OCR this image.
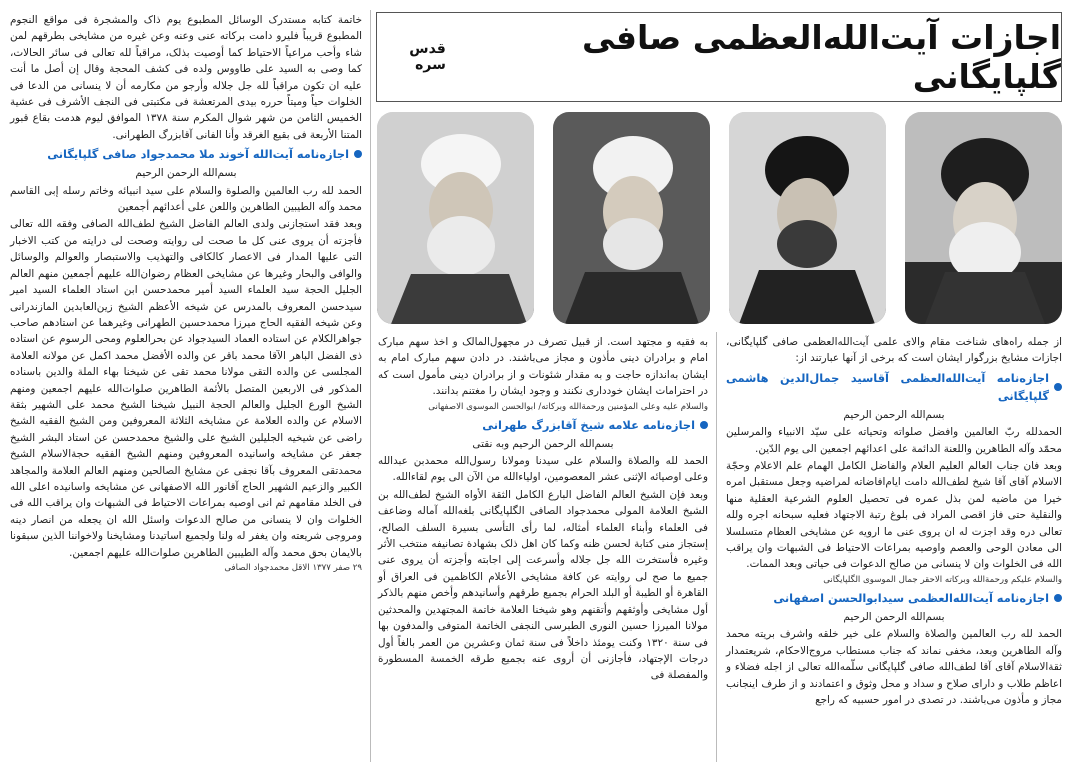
اجازات آیت‌الله‌العظمی صافی گلپایگانی
قدس سره

از جمله راه‌های شناخت مقام والای علمی آیت‌الله‌العظمی صافی گلپایگانی، اجازات مشایخ بزرگوار ایشان است که برخی از آنها عبارتند از:

اجازه‌نامه آیت‌الله‌العظمی آقاسید جمال‌الدین هاشمی گلپایگانی

بسم‌الله الرحمن الرحیم

الحمدلله ربّ العالمین وافضل صلواته وتحیاته علی سیّد الانبیاء والمرسلین محمّد وآله الطاهرین واللعنة الدائمة علی اعدائهم اجمعین الی یوم الدّین.

وبعد فان جناب العالم العلیم العلام والفاضل الکامل الهمام علم الاعلام وحجّة الاسلام آقای آقا شیخ لطف‌الله دامت ایام‌افاضاته لمراضیه وجعل مستقبل امره خیرا من ماضیه لمن بذل عمره فی تحصیل العلوم الشرعیة العقلیة منها والنقلیة حتی فاز اقصی المراد فی بلوغ رتبة الاجتهاد فعلیه سبحانه اجره ولله تعالی دره وقد اجزت له ان یروی عنی ما ارویه عن مشایخی العظام متسلسلا الی معادن الوحی والعصم واوصیه بمراعات الاحتیاط فی الشبهات وان یراقب الله فی الخلوات وان لا ینسانی من صالح الدعوات فی حیاتی وبعد الممات.

والسلام علیکم ورحمة‌الله وبرکاته الاحقر جمال الموسوی الگلپایگانی

اجازه‌نامه آیت‌الله‌العظمی سیدابوالحسن اصفهانی

بسم‌الله الرحمن الرحیم

الحمد لله رب العالمین والصلاة والسلام علی خیر خلقه واشرف بریته محمد وآله الطاهرین وبعد، مخفی نماند که جناب مستطاب مروج‌الاحکام، شریعتمدار ثقةالاسلام آقای آقا لطف‌الله صافی گلپایگانی سلّمه‌الله تعالی از اجله فضلاء و اعاظم طلاب و دارای صلاح و سداد و محل وثوق و اعتمادند و از طرف اینجانب مجاز و مأذون می‌باشند. در تصدی در امور حسبیه که راجع

به فقیه و مجتهد است. از قبیل تصرف در مجهول‌المالک و اخذ سهم مبارک امام و برادران دینی مأذون و مجاز می‌باشند. در دادن سهم مبارک امام به ایشان به‌اندازه حاجت و به مقدار شئونات و از برادران دینی مأمول است که در احترامات ایشان خودداری نکنند و وجود ایشان را مغتنم بدانند.

والسلام علیه وعلی المؤمنین ورحمة‌الله وبرکاته/ ابوالحسن الموسوی الاصفهانی

اجازه‌نامه علامه شیخ آقابزرگ طهرانی

بسم‌الله الرحمن الرحیم وبه نقتی

الحمد لله والصلاة والسلام علی سیدنا ومولانا رسول‌الله محمدبن عبدالله وعلی اوصیائه الإثنی عشر المعصومین، اولیاء‌الله من الآن الی یوم لقاء‌الله.

وبعد فإن الشیخ العالم الفاضل البارع الکامل الثقة الأواه الشیخ لطف‌الله بن الشیخ العلامة المولی محمدجواد الصافی الگلپایگانی بلغه‌الله آماله وضاعف فی العلماء وأبناء العلماء أمثاله، لما رأی التأسی بسیرة السلف الصالح، إستجاز منی کتابة لحسن ظنه وکما کان اهل ذلک بشهادة تصانیفه منتخب الأثر وغیره فأستخرت الله جل جلاله وأسرعت إلی اجابته وأجزته أن یروی عنی جمیع ما صح لی روایته عن کافة مشایخی الأعلام الکاظمین فی العراق أو القاهرة أو الطیبة أو البلد الحرام بجمیع طرقهم وأسانیدهم وأخص منهم بالذکر أول مشایخی وأوثقهم وأتقنهم وهو شیخنا العلامة خاتمة المجتهدین والمحدثین مولانا المیرزا حسین النوری الطبرسی النجفی الخاتمة المتوفی والمدفون بها فی سنة ۱۳۲۰ وکنت یومئذ داخلاً فی سنة ثمان وعشرین من العمر بالغاً أول درجات الإجتهاد، فأجازنی أن أروی عنه بجمیع طرقه الخمسة المسطورة والمفصلة فی

خاتمة کتابه مستدرک الوسائل المطبوع یوم ذاک والمشجرة فی مواقع النجوم المطبوع قریباً فلیرو دامت برکاته عنی وعنه وعن غیره من مشایخی بطرقهم لمن شاء وأحب مراعیاً الاحتیاط کما أوصیت بذلک، مراقباً لله تعالی فی سائر الحالات، کما وصی به السید علی طاووس ولده فی کشف المحجة وقال إن أصل ما أنت علیه ان تکون مراقباً لله جل جلاله وأرجو من مکارمه أن لا ینسانی من الدعا فی الخلوات حیاً ومیتاً حرره بیدی المرتعشة فی مکتبتی فی النجف الأشرف فی عشیة الخمیس الثامن من شهر شوال المکرم سنة ۱۳۷۸ الموافق لیوم هدمت بقاع قبور المتنا الأربعة فی بقیع الغرقد وأنا الفانی آقابزرگ الطهرانی.

اجازه‌نامه آیت‌الله آخوند ملا محمدجواد صافی گلپایگانی

بسم‌الله الرحمن الرحیم

الحمد لله رب العالمین والصلوة والسلام علی سید انبیائه وخاتم رسله إبی القاسم محمد وآله الطیبین الطاهرین واللعن علی أعدائهم أجمعین

وبعد فقد استجازنی ولدی العالم الفاضل الشیخ لطف‌الله الصافی وفقه الله تعالی فأجزته أن یروی عنی کل ما صحت لی روایته وصحت لی درایته من کتب الاخبار التی علیها المدار فی الاعصار کالکافی والتهذیب والاستبصار والعوالم والوسائل والوافی والبحار وغیرها عن مشایخی العظام رضوان‌الله علیهم أجمعین منهم العالم الجلیل الحجة سید العلماء السید أمیر محمدحسن ابن استاد العلماء السید امیر سیدحسن المعروف بالمدرس عن شیخه الأعظم الشیخ زین‌العابدین المازندرانی وعن شیخه الفقیه الحاج میرزا محمدحسین الطهرانی وغیرهما عن استادهم صاحب جواهرالکلام عن استاده العماد السیدجواد عن بحرالعلوم ومحی الرسوم عن استاده ذی الفضل الباهر الآقا محمد باقر عن والده الأفضل محمد اکمل عن مولانه العلامة المجلسی عن والده التقی مولانا محمد تقی عن شیخنا بهاء الملة والدین باسناده المذکور فی الاربعین المتصل بالأئمة الطاهرین صلوات‌الله علیهم اجمعین ومنهم الشیخ الورع الجلیل والعالم الحجة النبیل شیخنا الشیخ محمد علی الشهیر بثقة الاسلام عن والده العلامة عن مشایخه الثلاثة المعروفین ومن الشیخ الفقیه الشیخ راضی عن شیخیه الجلیلین الشیخ علی والشیخ محمدحسن عن استاد البشر الشیخ جعفر عن مشایخه واسانیده المعروفین ومنهم الشیخ الفقیه حجةالاسلام الشیخ محمدتقی المعروف بآقا نجفی عن مشایخ الصالحین ومنهم العالم العلامة والمجاهد الکبیر والزعیم الشهیر الحاج آقانور الله الاصفهانی عن مشایخه واسانیده اعلی الله فی الخلد مقامهم ثم انی اوصیه بمراعات الاحتیاط فی الشبهات وان یراقب الله فی الخلوات وان لا ینسانی من صالح الدعوات واسئل الله ان یجعله من انصار دینه ومروجی شریعته وان یغفر له ولنا ولجمیع اساتیدنا ومشایخنا ولاخواننا الذین سبقونا بالایمان بحق محمد وآله الطیبین الطاهرین صلوات‌الله علیهم اجمعین.

۲۹ صفر ۱۳۷۷ الاقل محمدجواد الصافی
